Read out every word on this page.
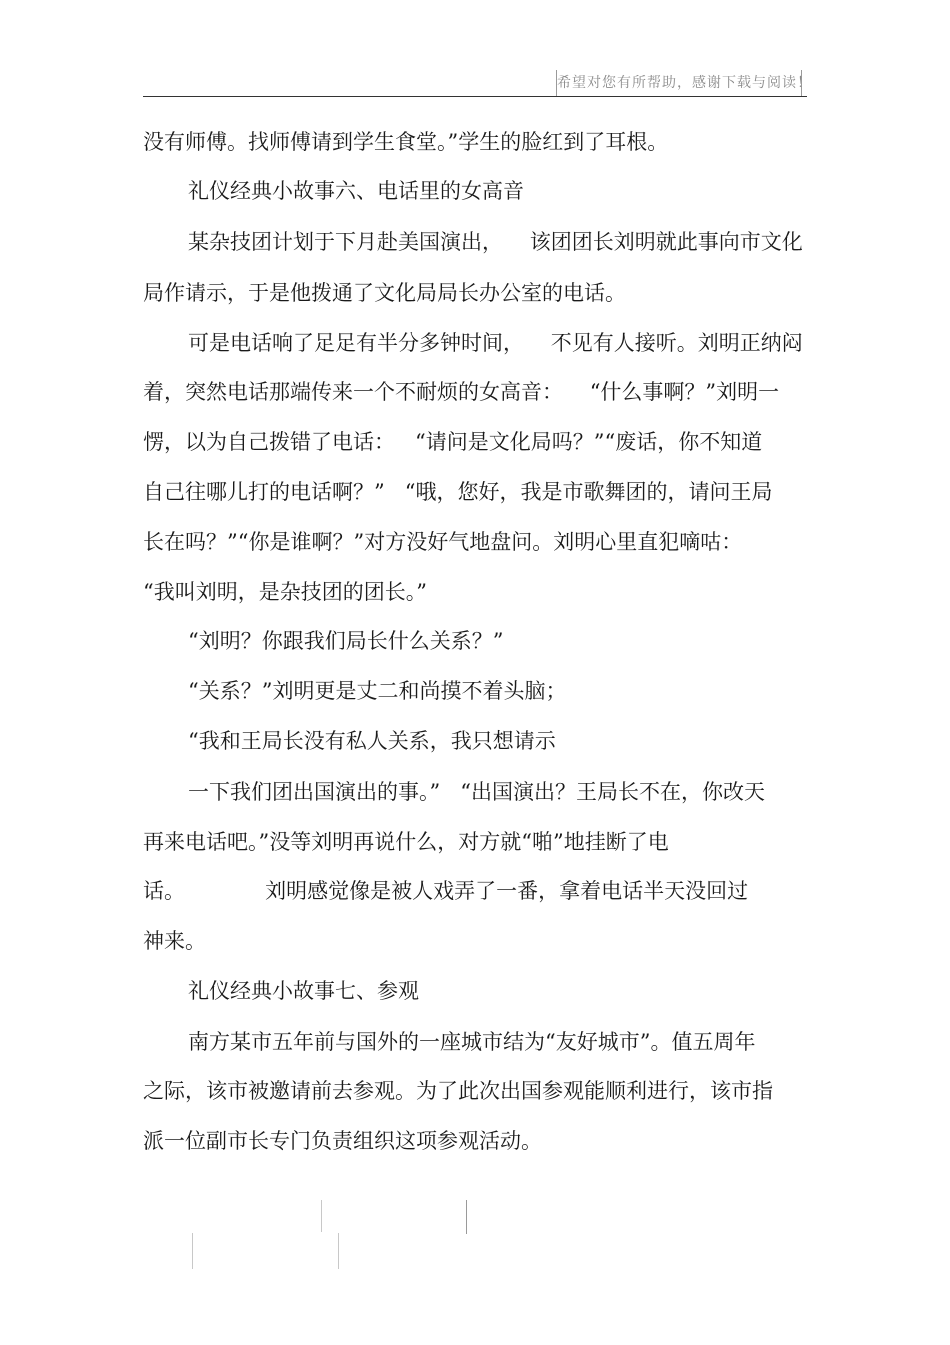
希望对您有所帮助，感谢下载与阅读！

没有师傅。找师傅请到学生食堂。”学生的脸红到了耳根。

礼仪经典小故事六、电话里的女高音

某杂技团计划于下月赴美国演出，    该团团长刘明就此事向市文化

局作请示，于是他拨通了文化局局长办公室的电话。

可是电话响了足足有半分多钟时间，    不见有人接听。刘明正纳闷

着，突然电话那端传来一个不耐烦的女高音：    “什么事啊？”刘明一

愣，以为自己拨错了电话：   “请问是文化局吗？”“废话，你不知道

自己往哪儿打的电话啊？”   “哦，您好，我是市歌舞团的，请问王局

长在吗？”“你是谁啊？”对方没好气地盘问。刘明心里直犯嘀咕：

“我叫刘明，是杂技团的团长。”

“刘明？你跟我们局长什么关系？”

“关系？”刘明更是丈二和尚摸不着头脑；

“我和王局长没有私人关系，我只想请示

一下我们团出国演出的事。”   “出国演出？王局长不在，你改天

再来电话吧。”没等刘明再说什么，对方就“啪”地挂断了电

话。            刘明感觉像是被人戏弄了一番，拿着电话半天没回过

神来。

礼仪经典小故事七、参观

南方某市五年前与国外的一座城市结为“友好城市”。值五周年

之际，该市被邀请前去参观。为了此次出国参观能顺利进行，该市指

派一位副市长专门负责组织这项参观活动。
